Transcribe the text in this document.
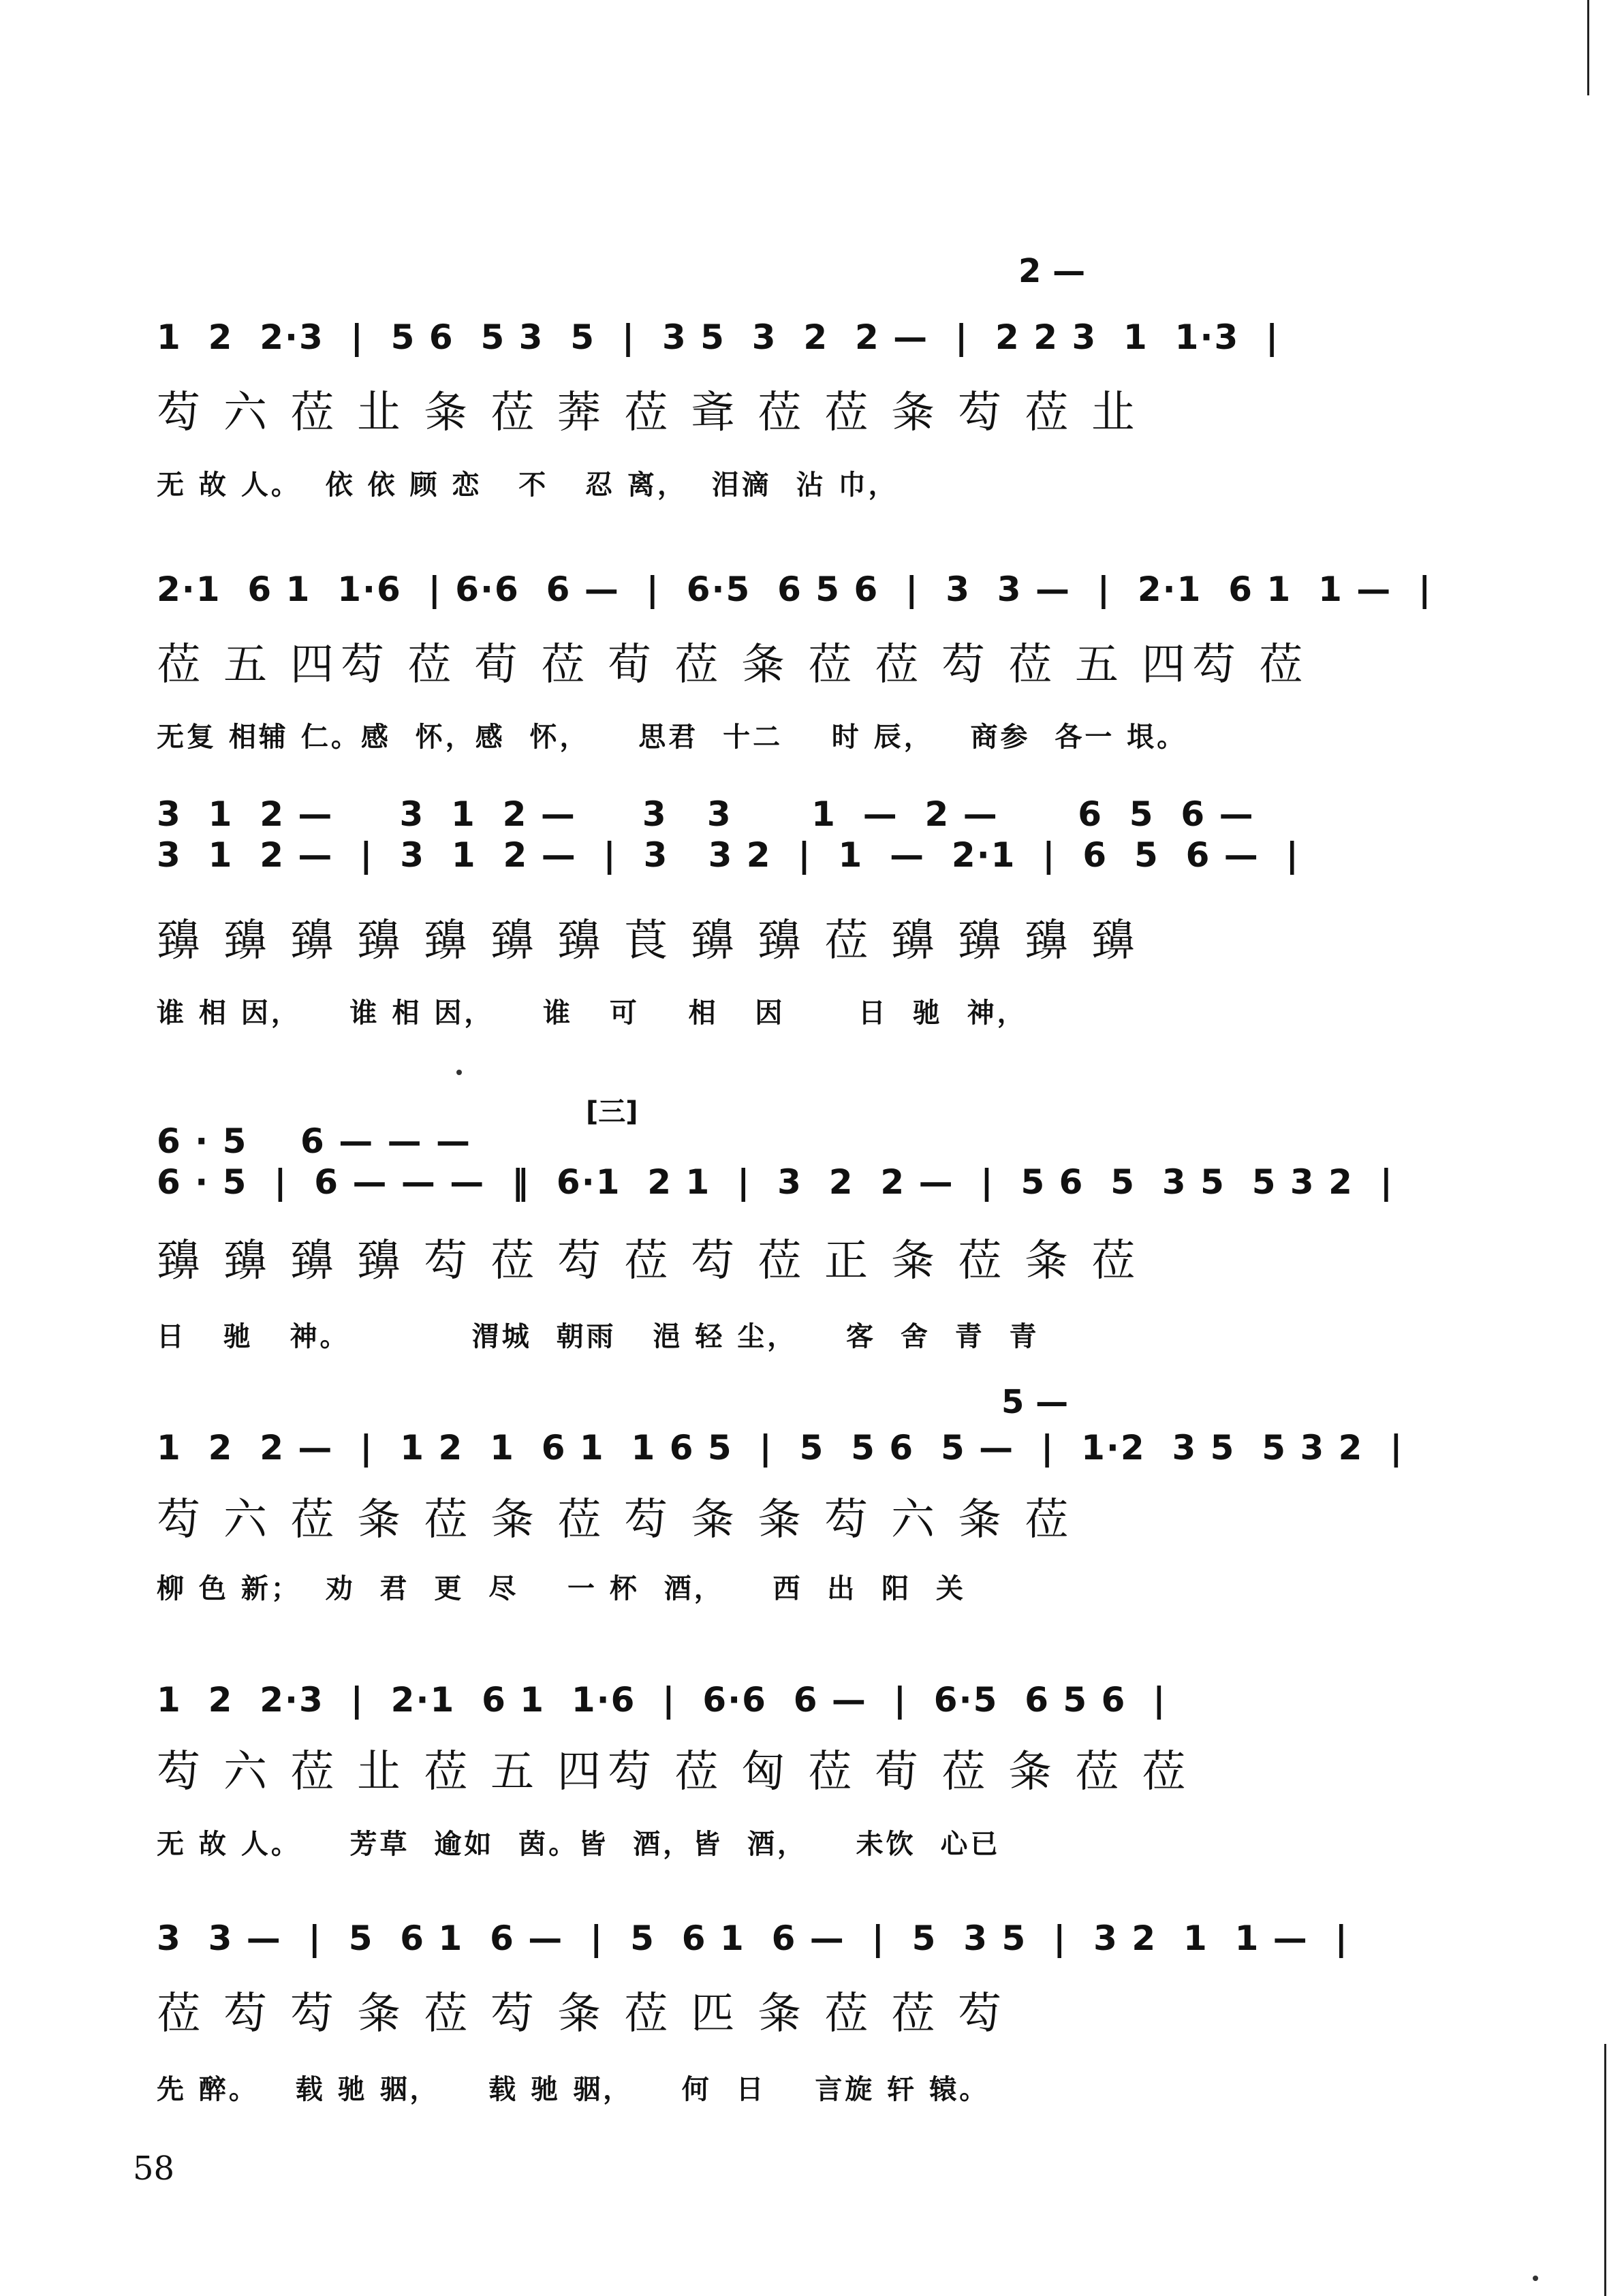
2 —
1  2  2·3  |  5 6  5 3  5  |  3 5  3  2  2 —  |  2 2 3  1  1·3  |
芶 六 莅 㐀 夈 莅 莾 莅 斊 莅 莅 夈 芶 莅 㐀
无 故 人。  依 依 顾 恋   不   忍 离，  泪滴  沾 巾，
2·1  6 1  1·6  | 6·6  6 —  |  6·5  6 5 6  |  3  3 —  |  2·1  6 1  1 —  |
莅 五 四芶 莅 荀 莅 荀 莅 夈 莅 莅 芶 莅 五 四芶 莅
无复 相辅 仁。感  怀，感  怀，    思君  十二    时 辰，   商参  各一 垠。
3  1  2 —     3  1  2 —     3   3      1  —  2 —      6  5  6 —
3  1  2 —  |  3  1  2 —  |  3   3 2  |  1  —  2·1  |  6  5  6 —  |
䶍 䶍 䶍 䶍 䶍 䶍 䶍 莨 䶍 䶍 莅 䶍 䶍 䶍 䶍
谁 相 因，    谁 相 因，    谁   可    相   因      日  驰  神，
[三]
6 · 5    6 — — —
6 · 5  |  6 — — —  ‖  6·1  2 1  |  3  2  2 —  |  5 6  5  3 5  5 3 2  |
䶍 䶍 䶍 䶍 芶 莅 芶 莅 芶 莅 正 夈 莅 夈 莅
日   驰   神。          渭城  朝雨   浥 轻 尘，    客  舍  青  青
5 —
1  2  2 —  |  1 2  1  6 1  1 6 5  |  5  5 6  5 —  |  1·2  3 5  5 3 2  |
芶 六 莅 夈 莅 夈 莅 芶 夈 夈 芶 六 夈 莅
柳 色 新；  劝  君  更  尽    一 杯  酒，    西  出  阳  关
1  2  2·3  |  2·1  6 1  1·6  |  6·6  6 —  |  6·5  6 5 6  |
芶 六 莅 㐀 莅 五 四芶 莅 匈 莅 荀 莅 夈 莅 莅
无 故 人。    芳草  逾如  茵。皆  酒，皆  酒，    未饮  心已
3  3 —  |  5  6 1  6 —  |  5  6 1  6 —  |  5  3 5  |  3 2  1  1 —  |
莅 芶 芶 夈 莅 芶 夈 莅 匹 夈 莅 莅 芶
先 醉。   载 驰 骃，    载 驰 骃，    何  日    言旋 轩 辕。
58
